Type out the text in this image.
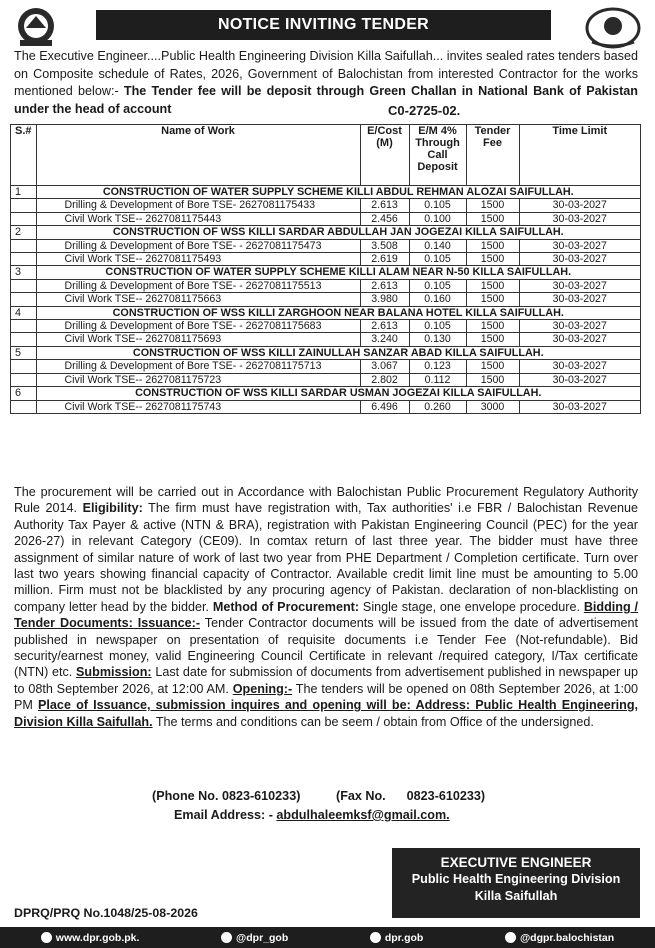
NOTICE INVITING TENDER
The Executive Engineer....Public Health Engineering Division Killa Saifullah... invites sealed rates tenders based on Composite schedule of Rates, 2026, Government of Balochistan from interested Contractor for the works mentioned below:- The Tender fee will be deposit through Green Challan in National Bank of Pakistan under the head of account	C0-2725-02.
S.#	Name of Work	E/Cost (M)	E/M 4% Through Call Deposit	Tender Fee	Time Limit
1	CONSTRUCTION OF WATER SUPPLY SCHEME KILLI ABDUL REHMAN ALOZAI SAIFULLAH.				
	Drilling & Development of Bore TSE- 2627081175433	2.613	0.105	1500	30-03-2027
	Civil Work TSE-- 2627081175443	2.456	0.100	1500	30-03-2027
2	CONSTRUCTION OF WSS KILLI SARDAR ABDULLAH JAN JOGEZAI KILLA SAIFULLAH.				
	Drilling & Development of Bore TSE- - 2627081175473	3.508	0.140	1500	30-03-2027
	Civil Work TSE-- 2627081175493	2.619	0.105	1500	30-03-2027
3	CONSTRUCTION OF WATER SUPPLY SCHEME KILLI ALAM NEAR N-50 KILLA SAIFULLAH.				
	Drilling & Development of Bore TSE- - 2627081175513	2.613	0.105	1500	30-03-2027
	Civil Work TSE-- 2627081175663	3.980	0.160	1500	30-03-2027
4	CONSTRUCTION OF WSS KILLI ZARGHOON NEAR BALANA HOTEL KILLA SAIFULLAH.				
	Drilling & Development of Bore TSE- - 2627081175683	2.613	0.105	1500	30-03-2027
	Civil Work TSE-- 2627081175693	3.240	0.130	1500	30-03-2027
5	CONSTRUCTION OF WSS KILLI ZAINULLAH SANZAR ABAD KILLA SAIFULLAH.				
	Drilling & Development of Bore TSE- - 2627081175713	3.067	0.123	1500	30-03-2027
	Civil Work TSE-- 2627081175723	2.802	0.112	1500	30-03-2027
6	CONSTRUCTION OF WSS KILLI SARDAR USMAN JOGEZAI KILLA SAIFULLAH.				
	Civil Work TSE-- 2627081175743	6.496	0.260	3000	30-03-2027
The procurement will be carried out in Accordance with Balochistan Public Procurement Regulatory Authority Rule 2014. Eligibility: The firm must have registration with, Tax authorities' i.e FBR / Balochistan Revenue Authority Tax Payer & active (NTN & BRA), registration with Pakistan Engineering Council (PEC) for the year 2026-27) in relevant Category (CE09). In comtax return of last three year. The bidder must have three assignment of similar nature of work of last two year from PHE Department / Completion certificate. Turn over last two years showing financial capacity of Contractor. Available credit limit line must be amounting to 5.00 million. Firm must not be blacklisted by any procuring agency of Pakistan. declaration of non-blacklisting on company letter head by the bidder. Method of Procurement: Single stage, one envelope procedure. Bidding / Tender Documents: Issuance:- Tender Contractor documents will be issued from the date of advertisement published in newspaper on presentation of requisite documents i.e Tender Fee (Not-refundable). Bid security/earnest money, valid Engineering Council Certificate in relevant /required category, I/Tax certificate (NTN) etc. Submission: Last date for submission of documents from advertisement published in newspaper up to 08th September 2026, at 12:00 AM. Opening:- The tenders will be opened on 08th September 2026, at 1:00 PM Place of Issuance, submission inquires and opening will be: Address: Public Health Engineering, Division Killa Saifullah. The terms and conditions can be seem / obtain from Office of the undersigned.
(Phone No. 0823-610233)	(Fax No.      0823-610233)
Email Address: - abdulhaleemksf@gmail.com.
EXECUTIVE ENGINEER
Public Health Engineering Division
Killa Saifullah
DPRQ/PRQ No.1048/25-08-2026
www.dpr.gob.pk.	@dpr_gob	dpr.gob	@dgpr.balochistan
